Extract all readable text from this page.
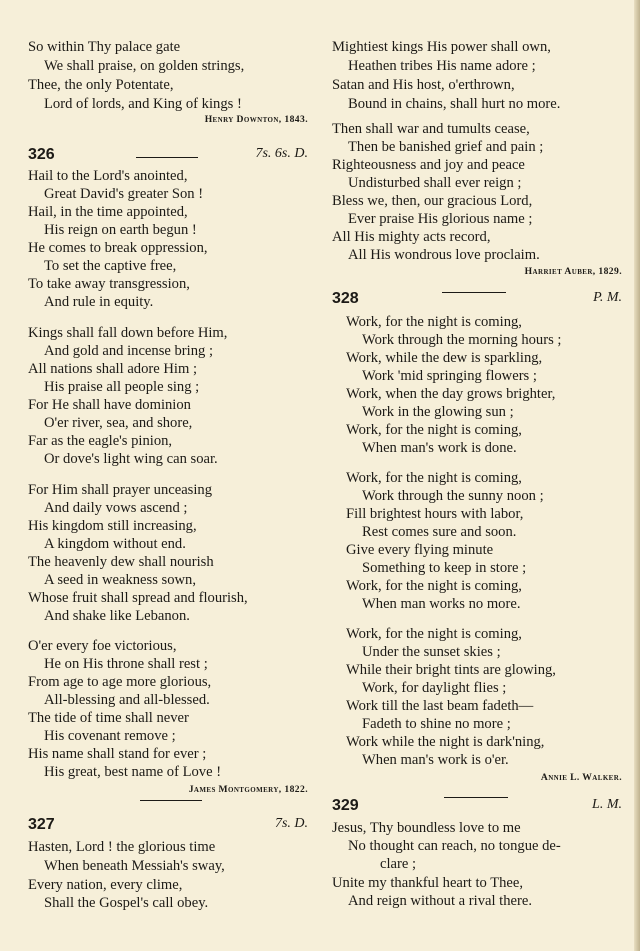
So within Thy palace gate
We shall praise, on golden strings,
Thee, the only Potentate,
Lord of lords, and King of kings !
Henry Downton, 1843.
326	7s. 6s. D.
Hail to the Lord's anointed,
Great David's greater Son !
Hail, in the time appointed,
His reign on earth begun !
He comes to break oppression,
To set the captive free,
To take away transgression,
And rule in equity.
Kings shall fall down before Him,
And gold and incense bring ;
All nations shall adore Him ;
His praise all people sing ;
For He shall have dominion
O'er river, sea, and shore,
Far as the eagle's pinion,
Or dove's light wing can soar.
For Him shall prayer unceasing
And daily vows ascend ;
His kingdom still increasing,
A kingdom without end.
The heavenly dew shall nourish
A seed in weakness sown,
Whose fruit shall spread and flourish,
And shake like Lebanon.
O'er every foe victorious,
He on His throne shall rest ;
From age to age more glorious,
All-blessing and all-blessed.
The tide of time shall never
His covenant remove ;
His name shall stand for ever ;
His great, best name of Love !
James Montgomery, 1822.
327	7s. D.
Hasten, Lord ! the glorious time
When beneath Messiah's sway,
Every nation, every clime,
Shall the Gospel's call obey.
Mightiest kings His power shall own,
Heathen tribes His name adore ;
Satan and His host, o'erthrown,
Bound in chains, shall hurt no more.
Then shall war and tumults cease,
Then be banished grief and pain ;
Righteousness and joy and peace
Undisturbed shall ever reign ;
Bless we, then, our gracious Lord,
Ever praise His glorious name ;
All His mighty acts record,
All His wondrous love proclaim.
Harriet Auber, 1829.
328	P. M.
Work, for the night is coming,
Work through the morning hours ;
Work, while the dew is sparkling,
Work 'mid springing flowers ;
Work, when the day grows brighter,
Work in the glowing sun ;
Work, for the night is coming,
When man's work is done.
Work, for the night is coming,
Work through the sunny noon ;
Fill brightest hours with labor,
Rest comes sure and soon.
Give every flying minute
Something to keep in store ;
Work, for the night is coming,
When man works no more.
Work, for the night is coming,
Under the sunset skies ;
While their bright tints are glowing,
Work, for daylight flies ;
Work till the last beam fadeth—
Fadeth to shine no more ;
Work while the night is dark'ning,
When man's work is o'er.
Annie L. Walker.
329	L. M.
Jesus, Thy boundless love to me
No thought can reach, no tongue de-
clare ;
Unite my thankful heart to Thee,
And reign without a rival there.
